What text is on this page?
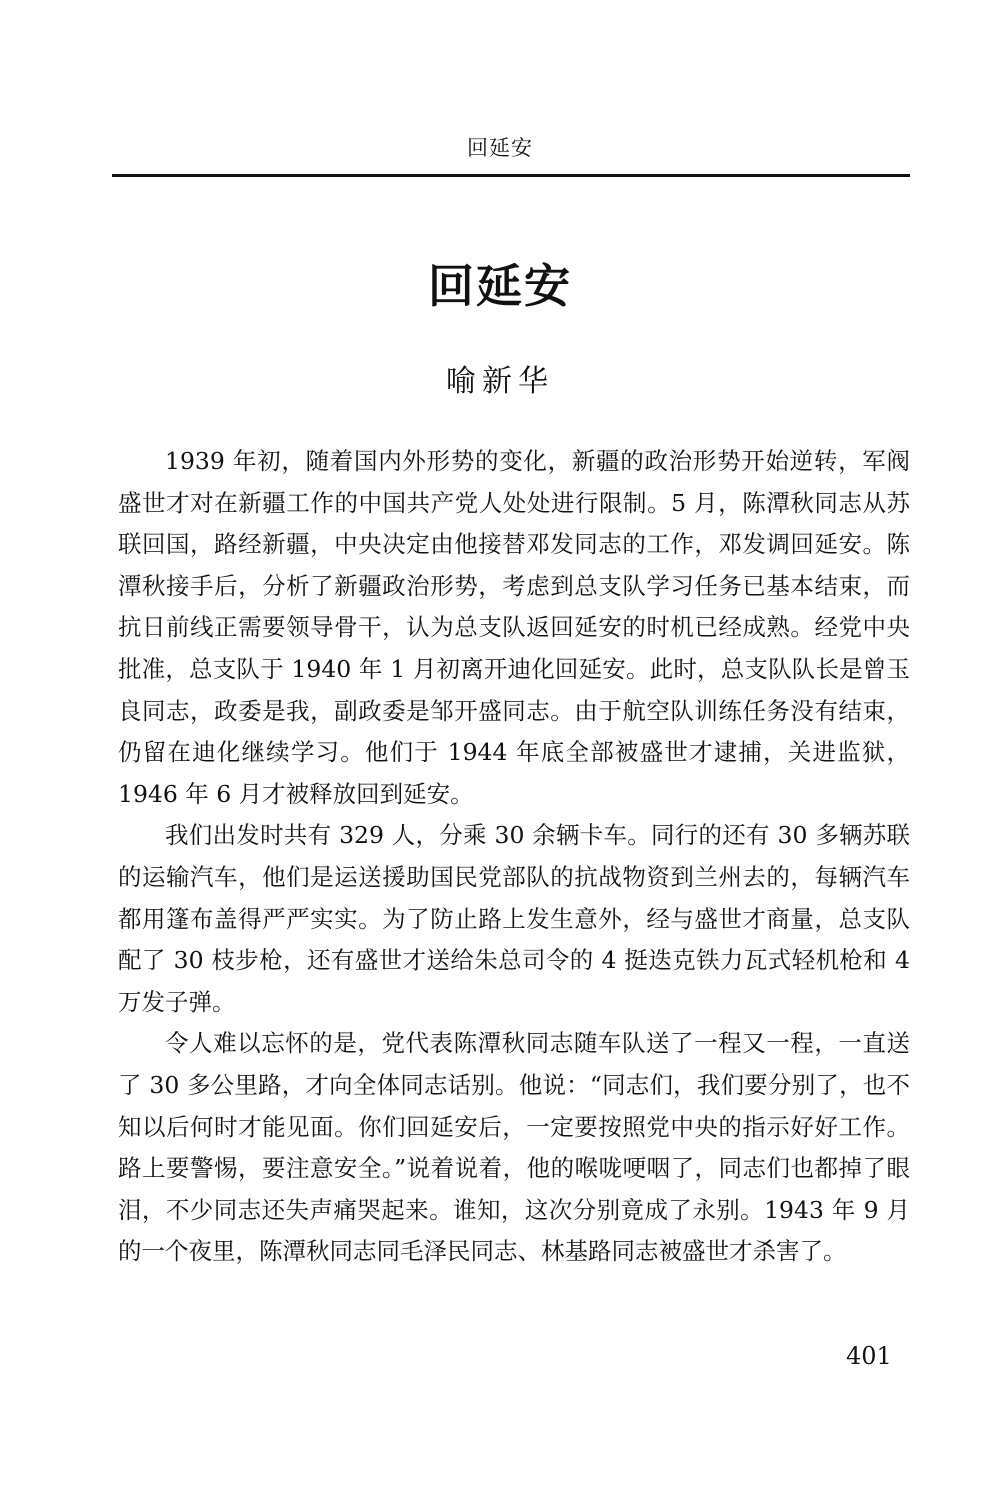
回延安
回延安
喻新华

1939 年初，随着国内外形势的变化，新疆的政治形势开始逆转，军阀盛世才对在新疆工作的中国共产党人处处进行限制。5 月，陈潭秋同志从苏联回国，路经新疆，中央决定由他接替邓发同志的工作，邓发调回延安。陈潭秋接手后，分析了新疆政治形势，考虑到总支队学习任务已基本结束，而抗日前线正需要领导骨干，认为总支队返回延安的时机已经成熟。经党中央批准，总支队于 1940 年 1 月初离开迪化回延安。此时，总支队队长是曾玉良同志，政委是我，副政委是邹开盛同志。由于航空队训练任务没有结束，仍留在迪化继续学习。他们于 1944 年底全部被盛世才逮捕，关进监狱，1946 年 6 月才被释放回到延安。

我们出发时共有 329 人，分乘 30 余辆卡车。同行的还有 30 多辆苏联的运输汽车，他们是运送援助国民党部队的抗战物资到兰州去的，每辆汽车都用篷布盖得严严实实。为了防止路上发生意外，经与盛世才商量，总支队配了 30 枝步枪，还有盛世才送给朱总司令的 4 挺迭克铁力瓦式轻机枪和 4 万发子弹。

令人难以忘怀的是，党代表陈潭秋同志随车队送了一程又一程，一直送了 30 多公里路，才向全体同志话别。他说：“同志们，我们要分别了，也不知以后何时才能见面。你们回延安后，一定要按照党中央的指示好好工作。路上要警惕，要注意安全。”说着说着，他的喉咙哽咽了，同志们也都掉了眼泪，不少同志还失声痛哭起来。谁知，这次分别竟成了永别。1943 年 9 月的一个夜里，陈潭秋同志同毛泽民同志、林基路同志被盛世才杀害了。

401
